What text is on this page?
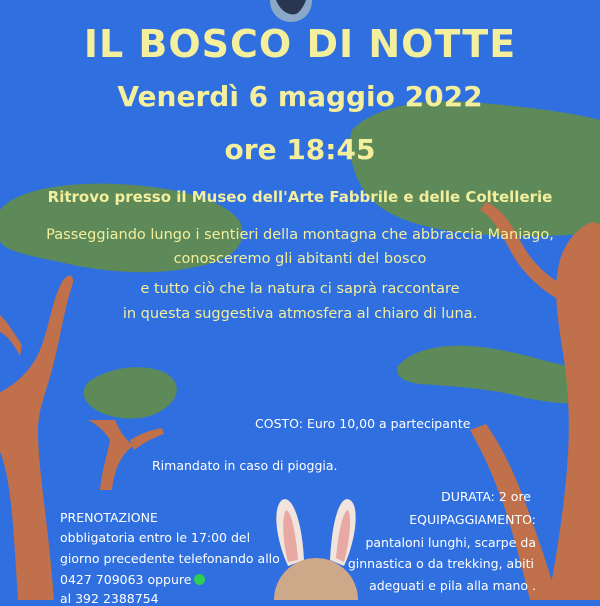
IL BOSCO DI NOTTE
Venerdì 6 maggio 2022
ore 18:45
Ritrovo presso il Museo dell'Arte Fabbrile e delle Coltellerie
Passeggiando lungo i sentieri della montagna che abbraccia Maniago,
conosceremo gli abitanti del bosco
e tutto ciò che la natura ci saprà raccontare
in questa suggestiva atmosfera al chiaro di luna.
COSTO: Euro 10,00 a partecipante
Rimandato in caso di pioggia.
PRENOTAZIONE
obbligatoria entro le 17:00 del
giorno precedente telefonando allo
0427 709063 oppure
al 392 2388754
DURATA: 2 ore
EQUIPAGGIAMENTO:
pantaloni lunghi, scarpe da
ginnastica o da trekking, abiti
adeguati e pila alla mano .
